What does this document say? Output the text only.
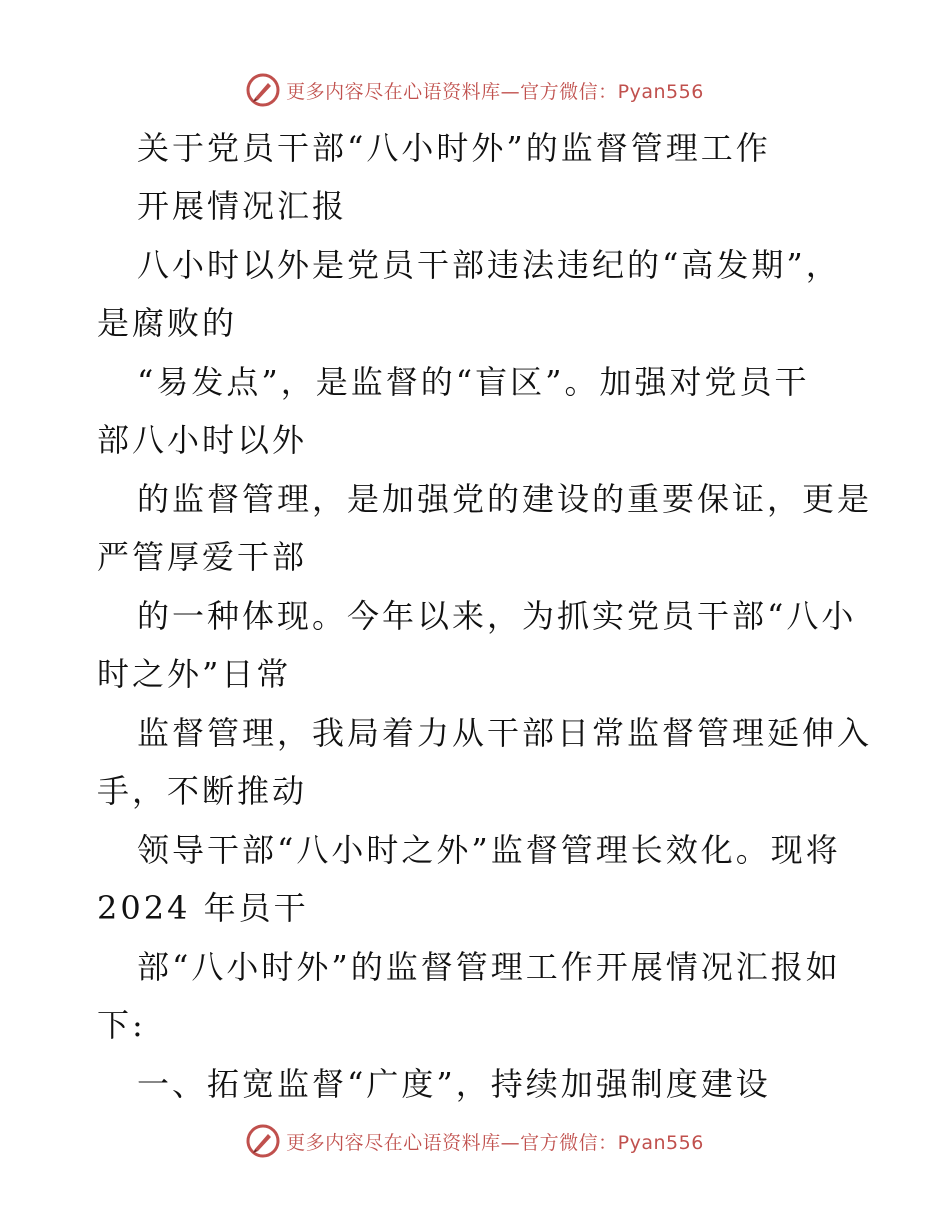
更多内容尽在心语资料库—官方微信：Pyan556
关于党员干部“八小时外”的监督管理工作
开展情况汇报
八小时以外是党员干部违法违纪的“高发期”，
是腐败的
“易发点”，是监督的“盲区”。加强对党员干
部八小时以外
的监督管理，是加强党的建设的重要保证，更是
严管厚爱干部
的一种体现。今年以来，为抓实党员干部“八小
时之外”日常
监督管理，我局着力从干部日常监督管理延伸入
手，不断推动
领导干部“八小时之外”监督管理长效化。现将
2024 年员干
部“八小时外”的监督管理工作开展情况汇报如
下:
一、拓宽监督“广度”，持续加强制度建设
更多内容尽在心语资料库—官方微信：Pyan556
